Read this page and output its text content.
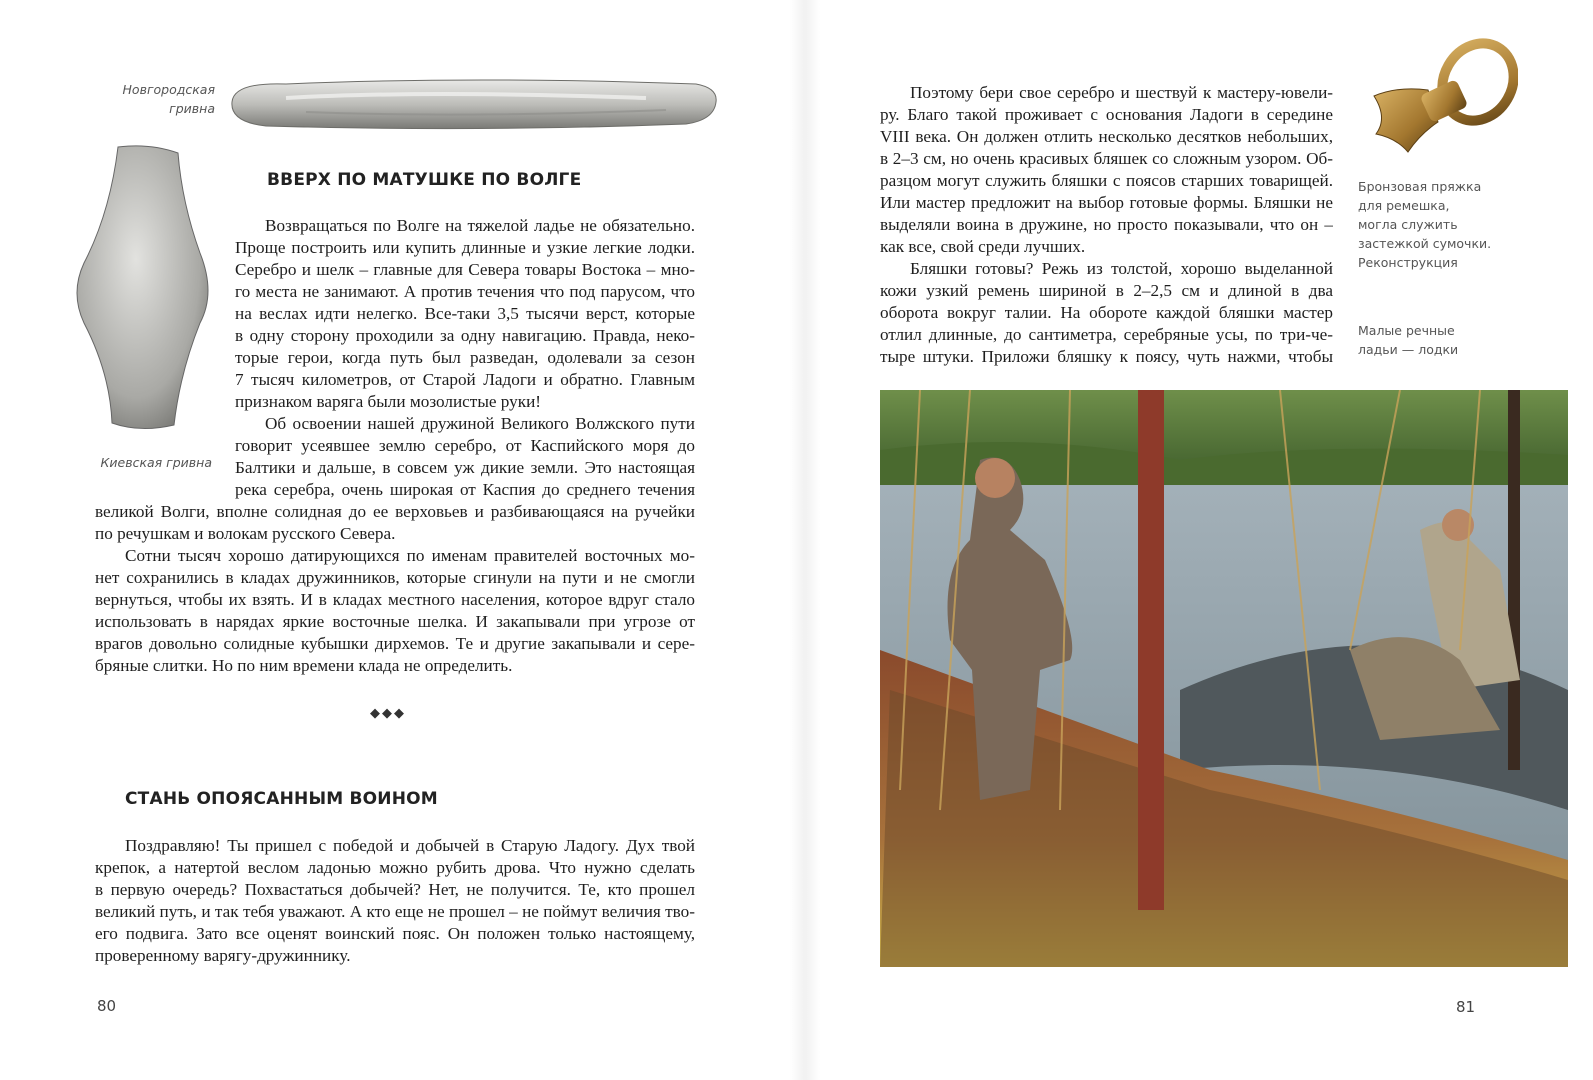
Новгородская
гривна
Киевская гривна
ВВЕРХ ПО МАТУШКЕ ПО ВОЛГЕ
Возвращаться по Волге на тяжелой ладье не обязательно.
Проще построить или купить длинные и узкие легкие лодки.
Серебро и шелк – главные для Севера товары Востока – мно-
го места не занимают. А против течения что под парусом, что
на веслах идти нелегко. Все-таки 3,5 тысячи верст, которые
в одну сторону проходили за одну навигацию. Правда, неко-
торые герои, когда путь был разведан, одолевали за сезон
7 тысяч километров, от Старой Ладоги и обратно. Главным
признаком варяга были мозолистые руки!
Об освоении нашей дружиной Великого Волжского пути
говорит усеявшее землю серебро, от Каспийского моря до
Балтики и дальше, в совсем уж дикие земли. Это настоящая
река серебра, очень широкая от Каспия до среднего течения
великой Волги, вполне солидная до ее верховьев и разбивающаяся на ручейки
по речушкам и волокам русского Севера.
Сотни тысяч хорошо датирующихся по именам правителей восточных мо-
нет сохранились в кладах дружинников, которые сгинули на пути и не смогли
вернуться, чтобы их взять. И в кладах местного населения, которое вдруг стало
использовать в нарядах яркие восточные шелка. И закапывали при угрозе от
врагов довольно солидные кубышки дирхемов. Те и другие закапывали и сере-
бряные слитки. Но по ним времени клада не определить.
◆◆◆
СТАНЬ ОПОЯСАННЫМ ВОИНОМ
Поздравляю! Ты пришел с победой и добычей в Старую Ладогу. Дух твой
крепок, а натертой веслом ладонью можно рубить дрова. Что нужно сделать
в первую очередь? Похвастаться добычей? Нет, не получится. Те, кто прошел
великий путь, и так тебя уважают. А кто еще не прошел – не поймут величия тво-
его подвига. Зато все оценят воинский пояс. Он положен только настоящему,
проверенному варягу-дружиннику.
80
Поэтому бери свое серебро и шествуй к мастеру-ювели-
ру. Благо такой проживает с основания Ладоги в середине
VIII века. Он должен отлить несколько десятков небольших,
в 2–3 см, но очень красивых бляшек со сложным узором. Об-
разцом могут служить бляшки с поясов старших товарищей.
Или мастер предложит на выбор готовые формы. Бляшки не
выделяли воина в дружине, но просто показывали, что он –
как все, свой среди лучших.
Бляшки готовы? Режь из толстой, хорошо выделанной
кожи узкий ремень шириной в 2–2,5 см и длиной в два
оборота вокруг талии. На обороте каждой бляшки мастер
отлил длинные, до сантиметра, серебряные усы, по три-че-
тыре штуки. Приложи бляшку к поясу, чуть нажми, чтобы
Бронзовая пряжка
для ремешка,
могла служить
застежкой сумочки.
Реконструкция
Малые речные
ладьи — лодки
81
